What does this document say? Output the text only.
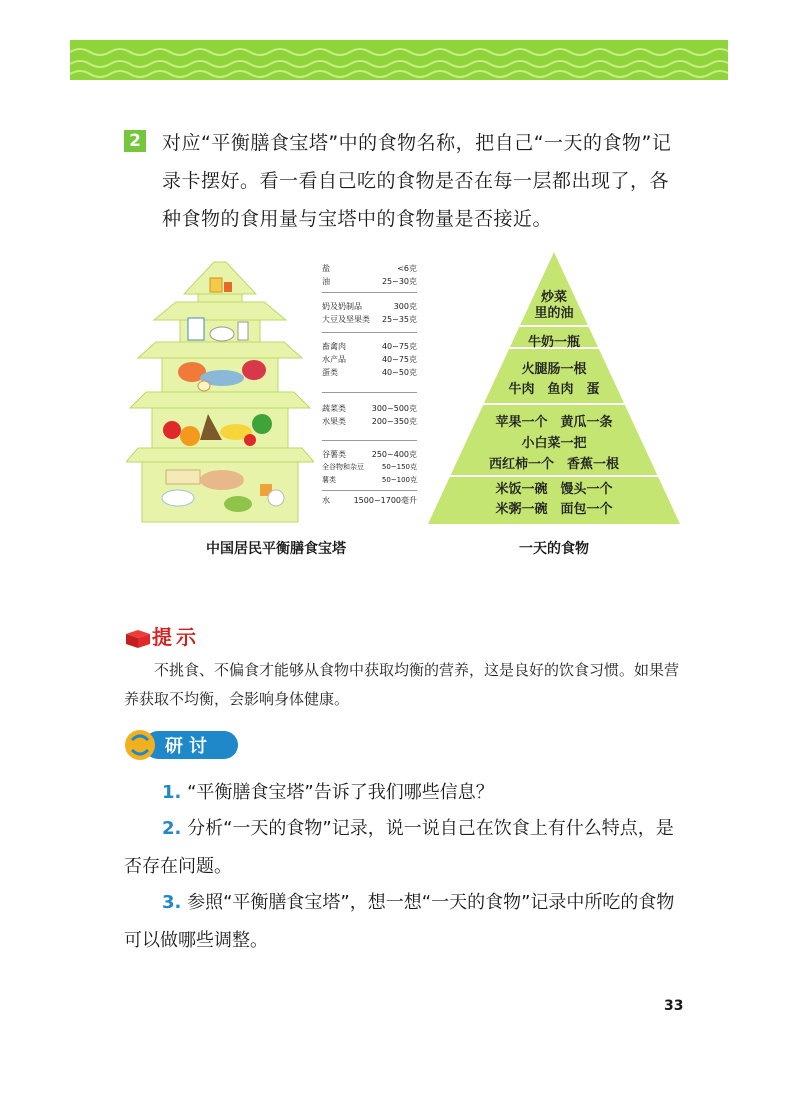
2 对应“平衡膳食宝塔”中的食物名称，把自己“一天的食物”记录卡摆好。看一看自己吃的食物是否在每一层都出现了，各种食物的食用量与宝塔中的食物量是否接近。
盐	<6克
油	25~30克
奶及奶制品	300克
大豆及坚果类 25~35克
畜禽肉	40~75克
水产品	40~75克
蛋类	40~50克
蔬菜类	300~500克
水果类	200~350克
谷薯类	250~400克
全谷物和杂豆	50~150克
薯类	50~100克
水	1500~1700毫升
中国居民平衡膳食宝塔
炒菜
里的油
牛奶一瓶
火腿肠一根
牛肉　鱼肉　蛋
苹果一个　黄瓜一条
小白菜一把
西红柿一个　香蕉一根
米饭一碗　馒头一个
米粥一碗　面包一个
一天的食物
提示
不挑食、不偏食才能够从食物中获取均衡的营养，这是良好的饮食习惯。如果营养获取不均衡，会影响身体健康。
研讨
1. “平衡膳食宝塔”告诉了我们哪些信息？
2. 分析“一天的食物”记录，说一说自己在饮食上有什么特点，是否存在问题。
3. 参照“平衡膳食宝塔”，想一想“一天的食物”记录中所吃的食物可以做哪些调整。
33
